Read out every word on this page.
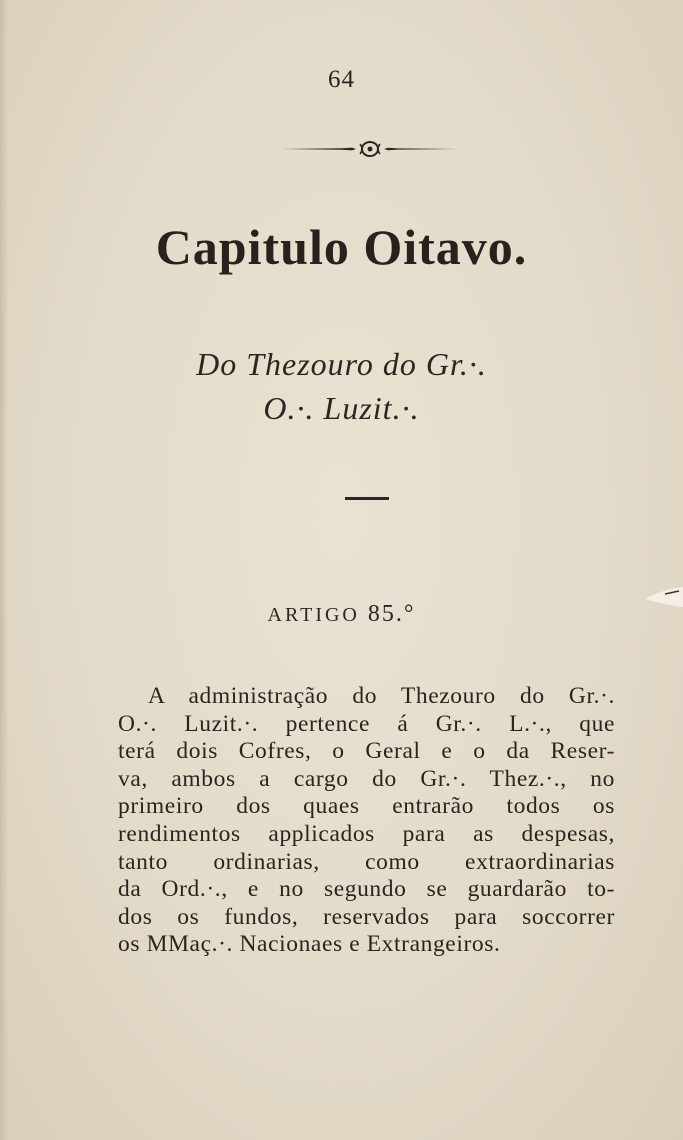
64
Capitulo Oitavo.
Do Thezouro do Gr.·.
O.·. Luzit.·.
ARTIGO 85.°
A administração do Thezouro do Gr.·.
O.·. Luzit.·. pertence á Gr.·. L.·., que
terá dois Cofres, o Geral e o da Reser-
va, ambos a cargo do Gr.·. Thez.·., no
primeiro dos quaes entrarão todos os
rendimentos applicados para as despesas,
tanto ordinarias, como extraordinarias
da Ord.·., e no segundo se guardarão to-
dos os fundos, reservados para soccorrer
os MMaç.·. Nacionaes e Extrangeiros.
